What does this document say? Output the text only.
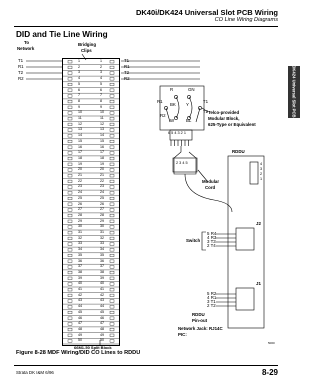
DK40i/DK424 Universal Slot PCB Wiring
CO Line Wiring Diagrams
DK40i/DK424 Universal Slot PCB Wiring
DID and Tie Line Wiring
1	1
2	2
3	3
4	4
5	5
6	6
7	7
8	8
9	9
10	10
11	11
12	12
13	13
14	14
15	15
16	16
17	17
18	18
19	19
20	20
21	21
22	22
23	23
24	24
25	25
26	26
27	27
28	28
29	29
30	30
31	31
32	32
33	33
34	34
35	35
36	36
37	37
38	38
39	39
40	40
41	41
42	42
43	43
44	44
45	45
46	46
47	47
48	48
49	49
50	50
To
Network
Bridging
Clips
T1
R1
T2
R2
T1
R1
T2
R2
R	GN
R1	T1
BK Y
R2
T2
W	BL
Telco-provided
Modular Block,
625-Type or Equivalent
6 5 4 3 2 1
2 3 4 5
Modular
Cord
RDDU
4
3
2
1
J2
J1
Switch
5 R4
4 R3
3 T3
2 T4
5 R2
4 R1
3 T1
2 T2
RDDU
Pin-out
Network Jack: RJ14C
PIC:
66M1-50 Split Block
5000
Figure 8-28 MDF Wiring/DID CO Lines to RDDU
Strata DK I&M 6/96	8-29
